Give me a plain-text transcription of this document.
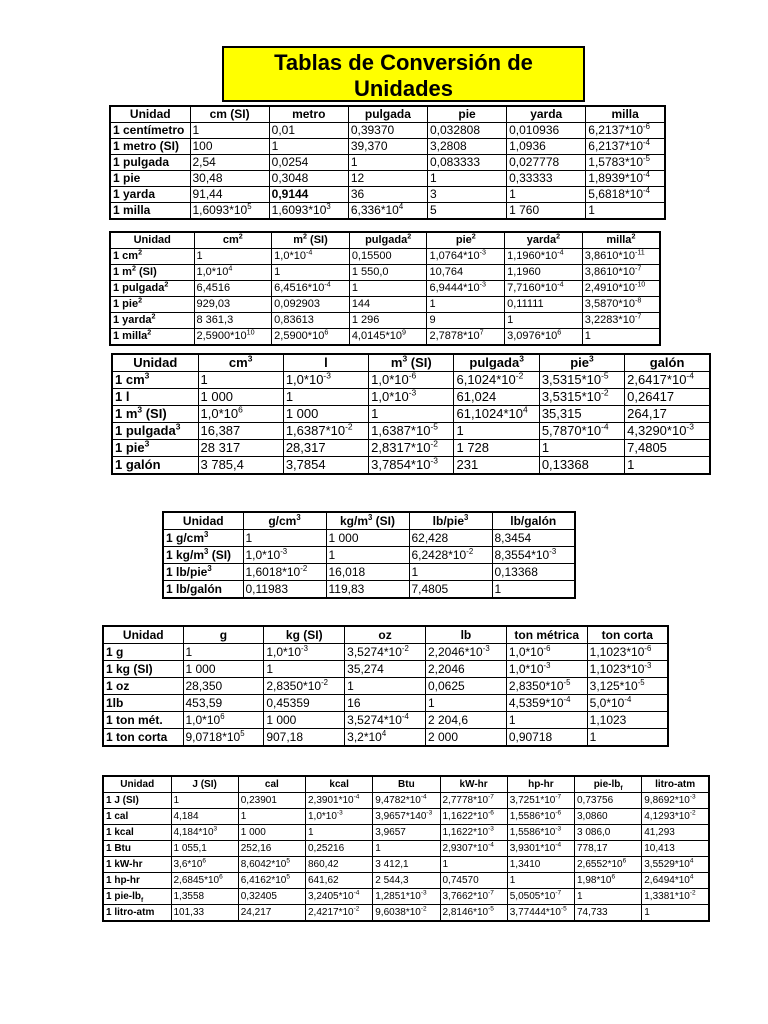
Tablas de Conversión de
Unidades
Unidad	cm (SI)	metro	pulgada	pie	yarda	milla
1 centímetro	1	0,01	0,39370	0,032808	0,010936	$6,2137*10^{-6}$
1 metro (SI)	100	1	39,370	3,2808	1,0936	$6,2137*10^{-4}$
1 pulgada	2,54	0,0254	1	0,083333	0,027778	$1,5783*10^{-5}$
1 pie	30,48	0,3048	12	1	0,33333	$1,8939*10^{-4}$
1 yarda	91,44	0,9144	36	3	1	$5,6818*10^{-4}$
1 milla	$1,6093*10^5$	$1,6093*10^3$	$6,336*10^4$	5	1 760	1
Unidad	$cm^2$	$m^2$ (SI)	pulgada$^2$	pie$^2$	yarda$^2$	milla$^2$
1 $cm^2$	1	$1,0*10^{-4}$	0,15500	$1,0764*10^{-3}$	$1,1960*10^{-4}$	$3,8610*10^{-11}$
1 $m^2$ (SI)	$1,0*10^4$	1	1 550,0	10,764	1,1960	$3,8610*10^{-7}$
1 pulgada$^2$	6,4516	$6,4516*10^{-4}$	1	$6,9444*10^{-3}$	$7,7160*10^{-4}$	$2,4910*10^{-10}$
1 pie$^2$	929,03	0,092903	144	1	0,11111	$3,5870*10^{-8}$
1 yarda$^2$	8 361,3	0,83613	1 296	9	1	$3,2283*10^{-7}$
1 milla$^2$	$2,5900*10^{10}$	$2,5900*10^6$	$4,0145*10^9$	$2,7878*10^7$	$3,0976*10^6$	1
Unidad	$cm^3$	l	$m^3$ (SI)	pulgada$^3$	pie$^3$	galón
1 $cm^3$	1	$1,0*10^{-3}$	$1,0*10^{-6}$	$6,1024*10^{-2}$	$3,5315*10^{-5}$	$2,6417*10^{-4}$
1 l	1 000	1	$1,0*10^{-3}$	61,024	$3,5315*10^{-2}$	0,26417
1 $m^3$ (SI)	$1,0*10^6$	1 000	1	$61,1024*10^4$	35,315	264,17
1 pulgada$^3$	16,387	$1,6387*10^{-2}$	$1,6387*10^{-5}$	1	$5,7870*10^{-4}$	$4,3290*10^{-3}$
1 pie$^3$	28 317	28,317	$2,8317*10^{-2}$	1 728	1	7,4805
1 galón	3 785,4	3,7854	$3,7854*10^{-3}$	231	0,13368	1
Unidad	$g/cm^3$	$kg/m^3$ (SI)	lb/pie$^3$	lb/galón
1 $g/cm^3$	1	1 000	62,428	8,3454
1 $kg/m^3$ (SI)	$1,0*10^{-3}$	1	$6,2428*10^{-2}$	$8,3554*10^{-3}$
1 lb/pie$^3$	$1,6018*10^{-2}$	16,018	1	0,13368
1 lb/galón	0,11983	119,83	7,4805	1
Unidad	g	kg (SI)	oz	lb	ton métrica	ton corta
1 g	1	$1,0*10^{-3}$	$3,5274*10^{-2}$	$2,2046*10^{-3}$	$1,0*10^{-6}$	$1,1023*10^{-6}$
1 kg (SI)	1 000	1	35,274	2,2046	$1,0*10^{-3}$	$1,1023*10^{-3}$
1 oz	28,350	$2,8350*10^{-2}$	1	0,0625	$2,8350*10^{-5}$	$3,125*10^{-5}$
1lb	453,59	0,45359	16	1	$4,5359*10^{-4}$	$5,0*10^{-4}$
1 ton mét.	$1,0*10^6$	1 000	$3,5274*10^{-4}$	2 204,6	1	1,1023
1 ton corta	$9,0718*10^5$	907,18	$3,2*10^4$	2 000	0,90718	1
Unidad	J (SI)	cal	kcal	Btu	kW-hr	hp-hr	pie-$lb_f$	litro-atm
1 J (SI)	1	0,23901	$2,3901*10^{-4}$	$9,4782*10^{-4}$	$2,7778*10^{-7}$	$3,7251*10^{-7}$	0,73756	$9,8692*10^{-3}$
1 cal	4,184	1	$1,0*10^{-3}$	$3,9657*140^{-3}$	$1,1622*10^{-6}$	$1,5586*10^{-6}$	3,0860	$4,1293*10^{-2}$
1 kcal	$4,184*10^3$	1 000	1	3,9657	$1,1622*10^{-3}$	$1,5586*10^{-3}$	3 086,0	41,293
1 Btu	1 055,1	252,16	0,25216	1	$2,9307*10^{-4}$	$3,9301*10^{-4}$	778,17	10,413
1 kW-hr	$3,6*10^6$	$8,6042*10^5$	860,42	3 412,1	1	1,3410	$2,6552*10^6$	$3,5529*10^4$
1 hp-hr	$2,6845*10^6$	$6,4162*10^5$	641,62	2 544,3	0,74570	1	$1,98*10^6$	$2,6494*10^4$
1 pie-$lb_f$	1,3558	0,32405	$3,2405*10^{-4}$	$1,2851*10^{-3}$	$3,7662*10^{-7}$	$5,0505*10^{-7}$	1	$1,3381*10^{-2}$
1 litro-atm	101,33	24,217	$2,4217*10^{-2}$	$9,6038*10^{-2}$	$2,8146*10^{-5}$	$3,77444*10^{-5}$	74,733	1
